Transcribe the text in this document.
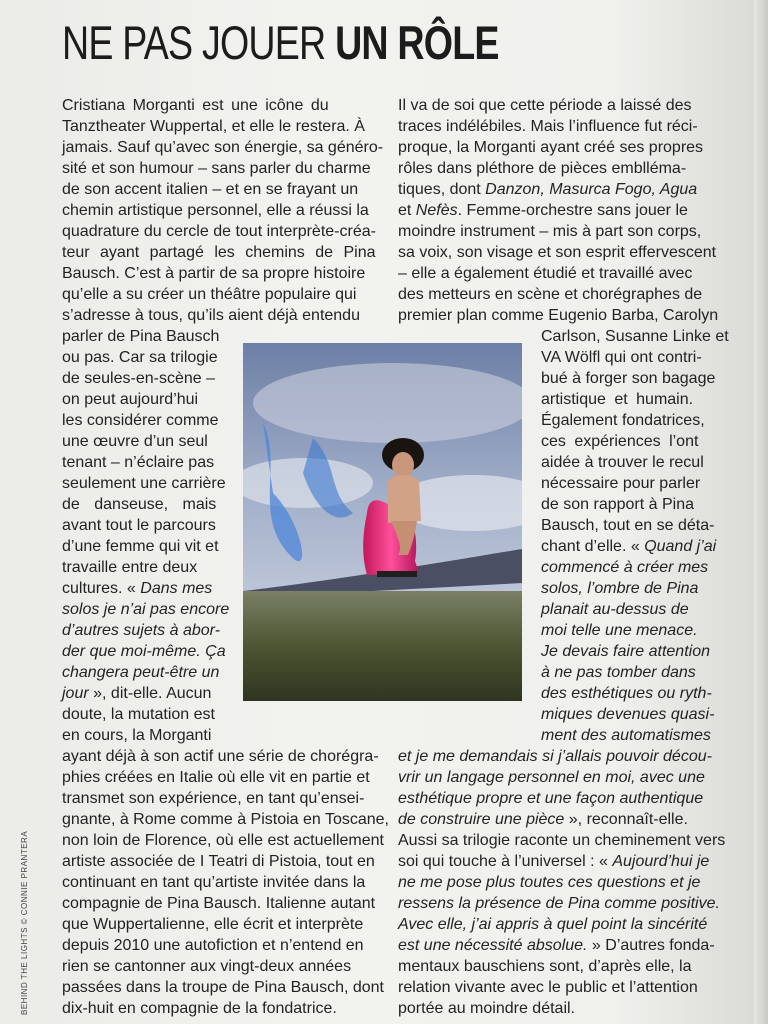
NE PAS JOUER UN RÔLE

Cristiana Morganti est une icône du

Tanztheater Wuppertal, et elle le restera. À

jamais. Sauf qu’avec son énergie, sa généro-

sité et son humour – sans parler du charme

de son accent italien – et en se frayant un

chemin artistique personnel, elle a réussi la

quadrature du cercle de tout interprète-créa-

teur ayant partagé les chemins de Pina

Bausch. C’est à partir de sa propre histoire

qu’elle a su créer un théâtre populaire qui

s’adresse à tous, qu’ils aient déjà entendu

parler de Pina Bausch

ou pas. Car sa trilogie

de seules-en-scène –

on peut aujourd’hui

les considérer comme

une œuvre d’un seul

tenant – n’éclaire pas

seulement une carrière

de danseuse, mais

avant tout le parcours

d’une femme qui vit et

travaille entre deux

cultures. « Dans mes

solos je n’ai pas encore

d’autres sujets à abor-

der que moi-même. Ça

changera peut-être un

jour », dit-elle. Aucun

doute, la mutation est

en cours, la Morganti

ayant déjà à son actif une série de chorégra-

phies créées en Italie où elle vit en partie et

transmet son expérience, en tant qu’ensei-

gnante, à Rome comme à Pistoia en Toscane,

non loin de Florence, où elle est actuellement

artiste associée de I Teatri di Pistoia, tout en

continuant en tant qu’artiste invitée dans la

compagnie de Pina Bausch. Italienne autant

que Wuppertalienne, elle écrit et interprète

depuis 2010 une autofiction et n’entend en

rien se cantonner aux vingt-deux années

passées dans la troupe de Pina Bausch, dont

dix-huit en compagnie de la fondatrice.

Il va de soi que cette période a laissé des

traces indélébiles. Mais l’influence fut réci-

proque, la Morganti ayant créé ses propres

rôles dans pléthore de pièces emblléma-

tiques, dont Danzon, Masurca Fogo, Agua

et Nefès. Femme-orchestre sans jouer le

moindre instrument – mis à part son corps,

sa voix, son visage et son esprit effervescent

– elle a également étudié et travaillé avec

des metteurs en scène et chorégraphes de

premier plan comme Eugenio Barba, Carolyn

Carlson, Susanne Linke et

VA Wölfl qui ont contri-

bué à forger son bagage

artistique et humain.

Également fondatrices,

ces expériences l’ont

aidée à trouver le recul

nécessaire pour parler

de son rapport à Pina

Bausch, tout en se déta-

chant d’elle. « Quand j’ai

commencé à créer mes

solos, l’ombre de Pina

planait au-dessus de

moi telle une menace.

Je devais faire attention

à ne pas tomber dans

des esthétiques ou ryth-

miques devenues quasi-

ment des automatismes

et je me demandais si j’allais pouvoir décou-

vrir un langage personnel en moi, avec une

esthétique propre et une façon authentique

de construire une pièce », reconnaît-elle.

Aussi sa trilogie raconte un cheminement vers

soi qui touche à l’universel : « Aujourd’hui je

ne me pose plus toutes ces questions et je

ressens la présence de Pina comme positive.

Avec elle, j’ai appris à quel point la sincérité

est une nécessité absolue. » D’autres fonda-

mentaux bauschiens sont, d’après elle, la

relation vivante avec le public et l’attention

portée au moindre détail.

BEHIND THE LIGHTS © CONNIE PRANTERA
